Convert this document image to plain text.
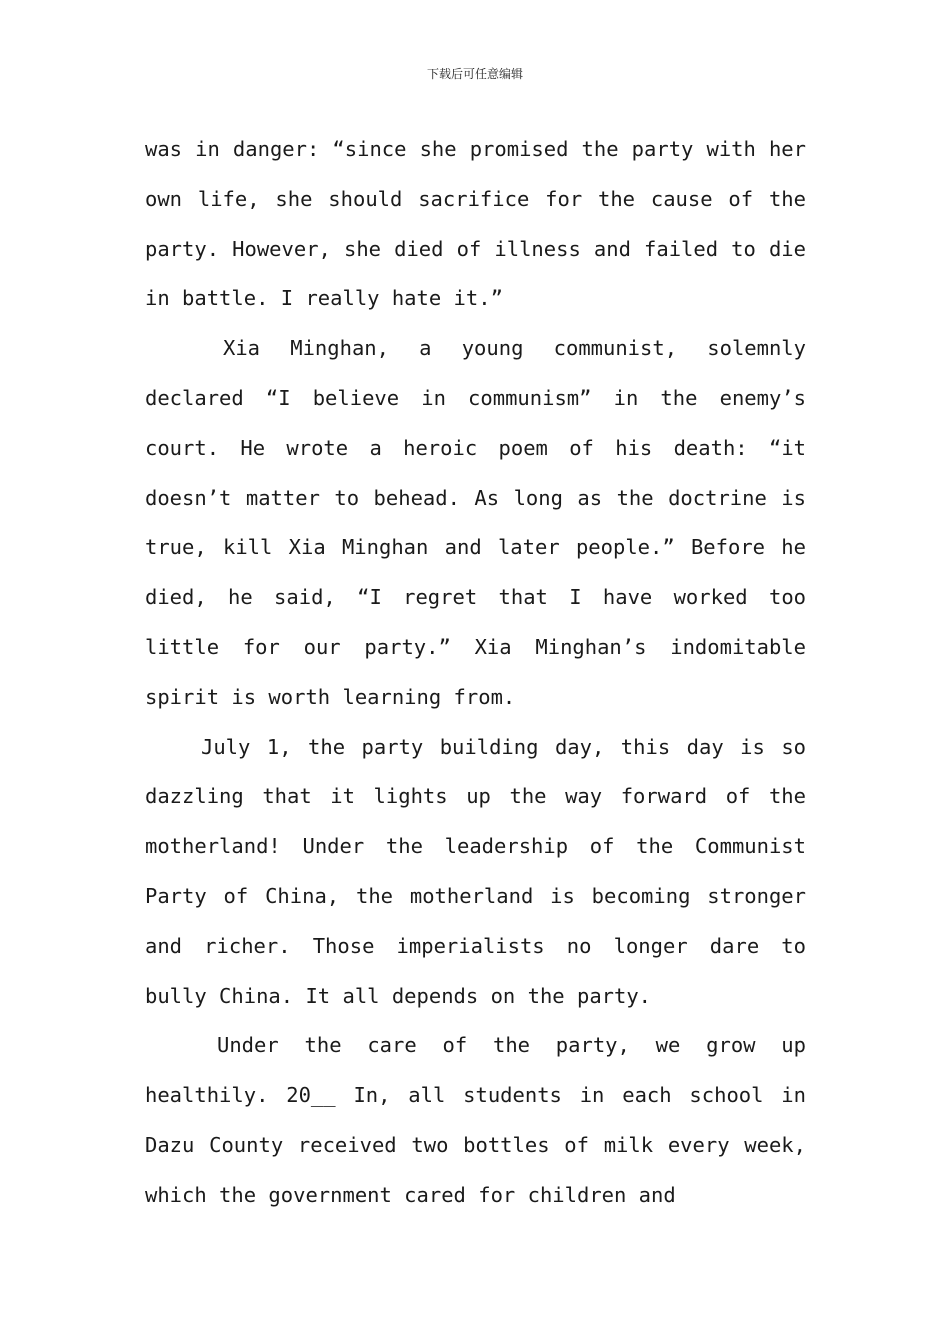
下载后可任意编辑

was in danger: “since she promised the party with her own life, she should sacrifice for the cause of the party. However, she died of illness and failed to die in battle. I really hate it.”

Xia Minghan, a young communist, solemnly declared “I believe in communism” in the enemy’s court. He wrote a heroic poem of his death: “it doesn’t matter to behead. As long as the doctrine is true, kill Xia Minghan and later people.” Before he died, he said, “I regret that I have worked too little for our party.” Xia Minghan’s indomitable spirit is worth learning from.

July 1, the party building day, this day is so dazzling that it lights up the way forward of the motherland! Under the leadership of the Communist Party of China, the motherland is becoming stronger and richer. Those imperialists no longer dare to bully China. It all depends on the party.

Under the care of the party, we grow up healthily. 20__ In, all students in each school in Dazu County received two bottles of milk every week, which the government cared for children and
